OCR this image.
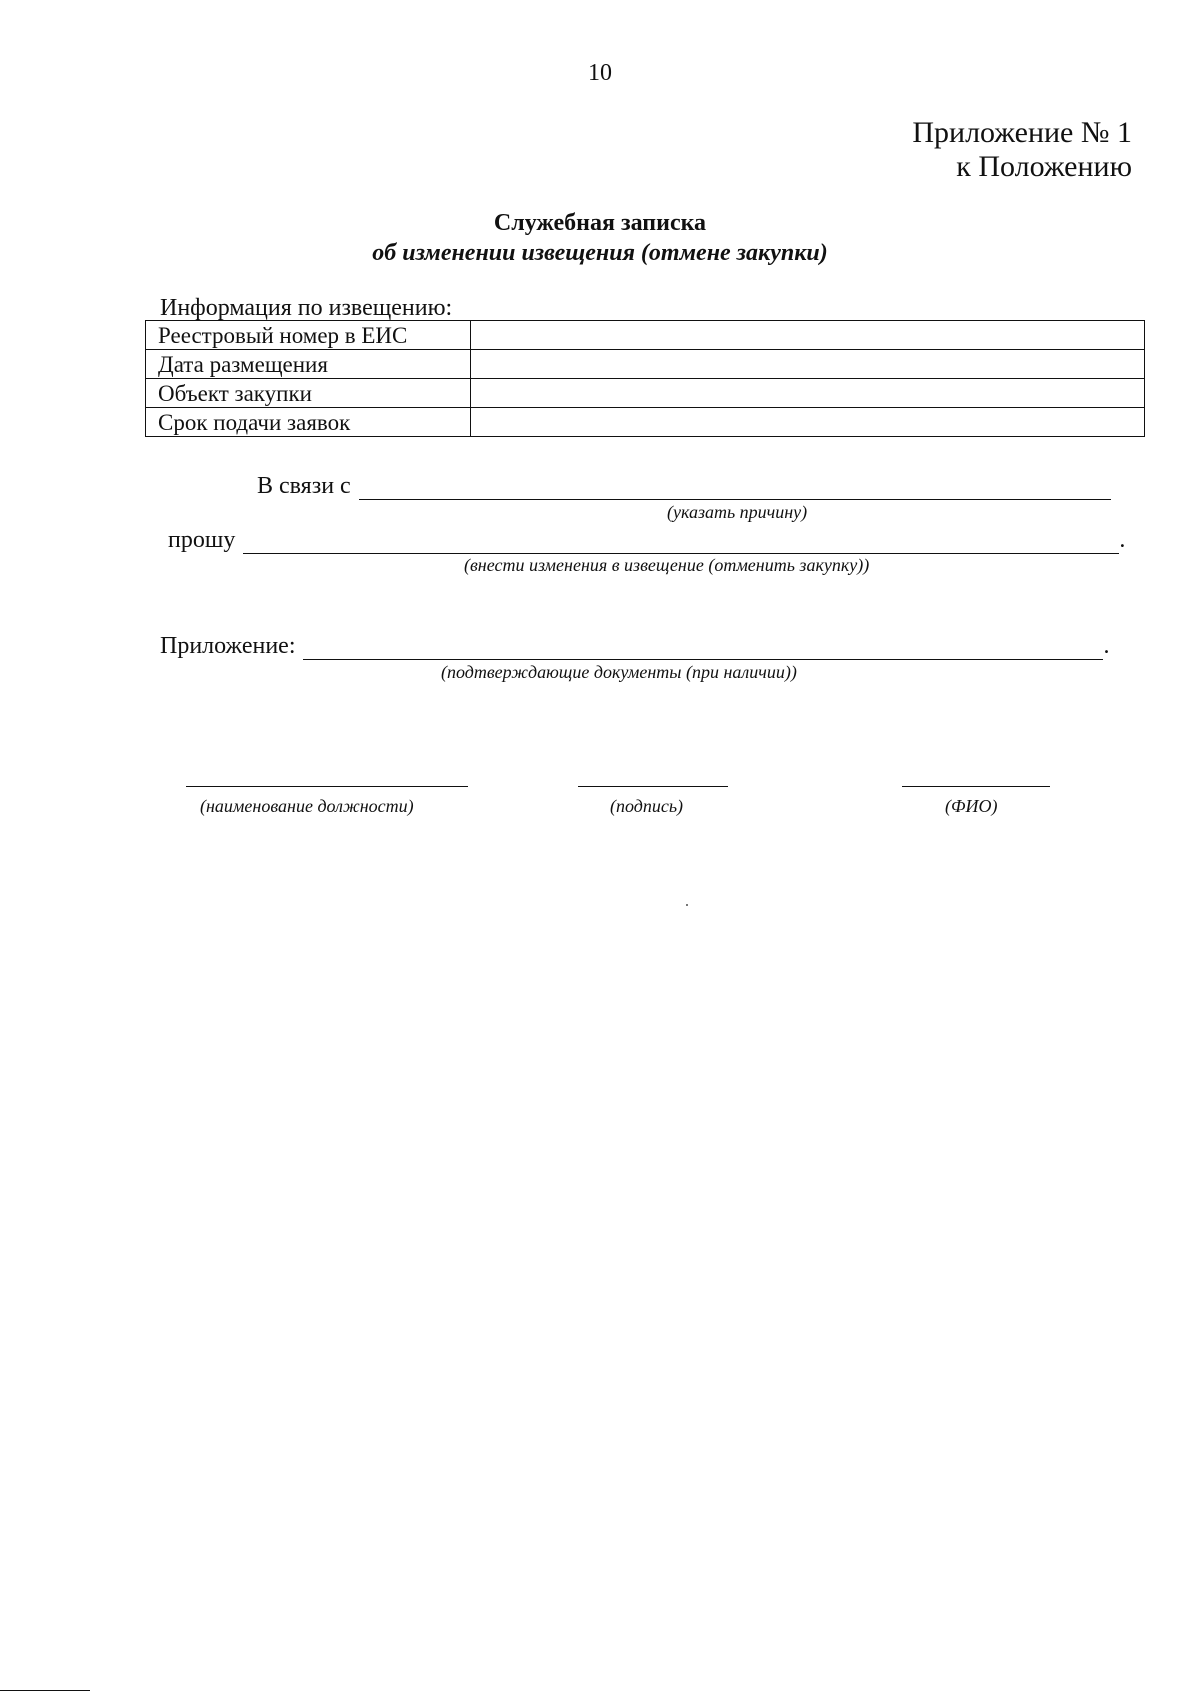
10
Приложение № 1
к Положению
Служебная записка
об изменении извещения (отмене закупки)
Информация по извещению:
Реестровый номер в ЕИС	
Дата размещения	
Объект закупки	
Срок подачи заявок	
В связи с
(указать причину)
прошу	.
(внести изменения в извещение (отменить закупку))
Приложение:	.
(подтверждающие документы (при наличии))
(наименование должности)	(подпись)	(ФИО)
